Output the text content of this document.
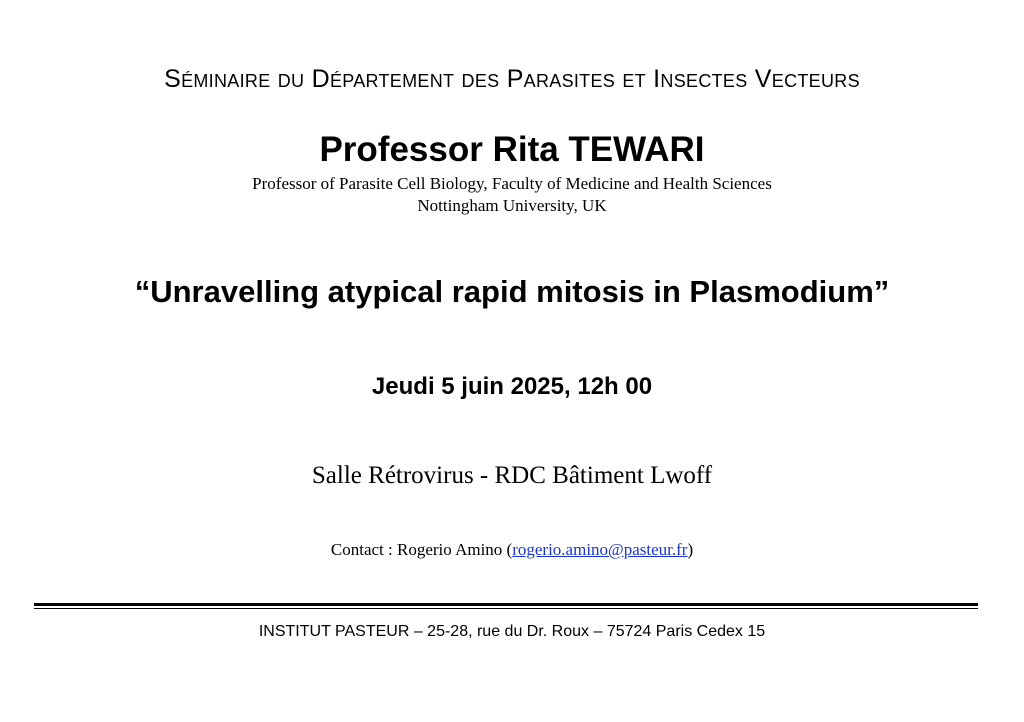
Séminaire du Département des Parasites et Insectes Vecteurs
Professor Rita TEWARI
Professor of Parasite Cell Biology, Faculty of Medicine and Health Sciences
Nottingham University, UK
“Unravelling atypical rapid mitosis in Plasmodium”
Jeudi 5 juin 2025, 12h 00
Salle Rétrovirus - RDC Bâtiment Lwoff
Contact : Rogerio Amino (rogerio.amino@pasteur.fr)
INSTITUT PASTEUR – 25-28, rue du Dr. Roux – 75724 Paris Cedex 15
